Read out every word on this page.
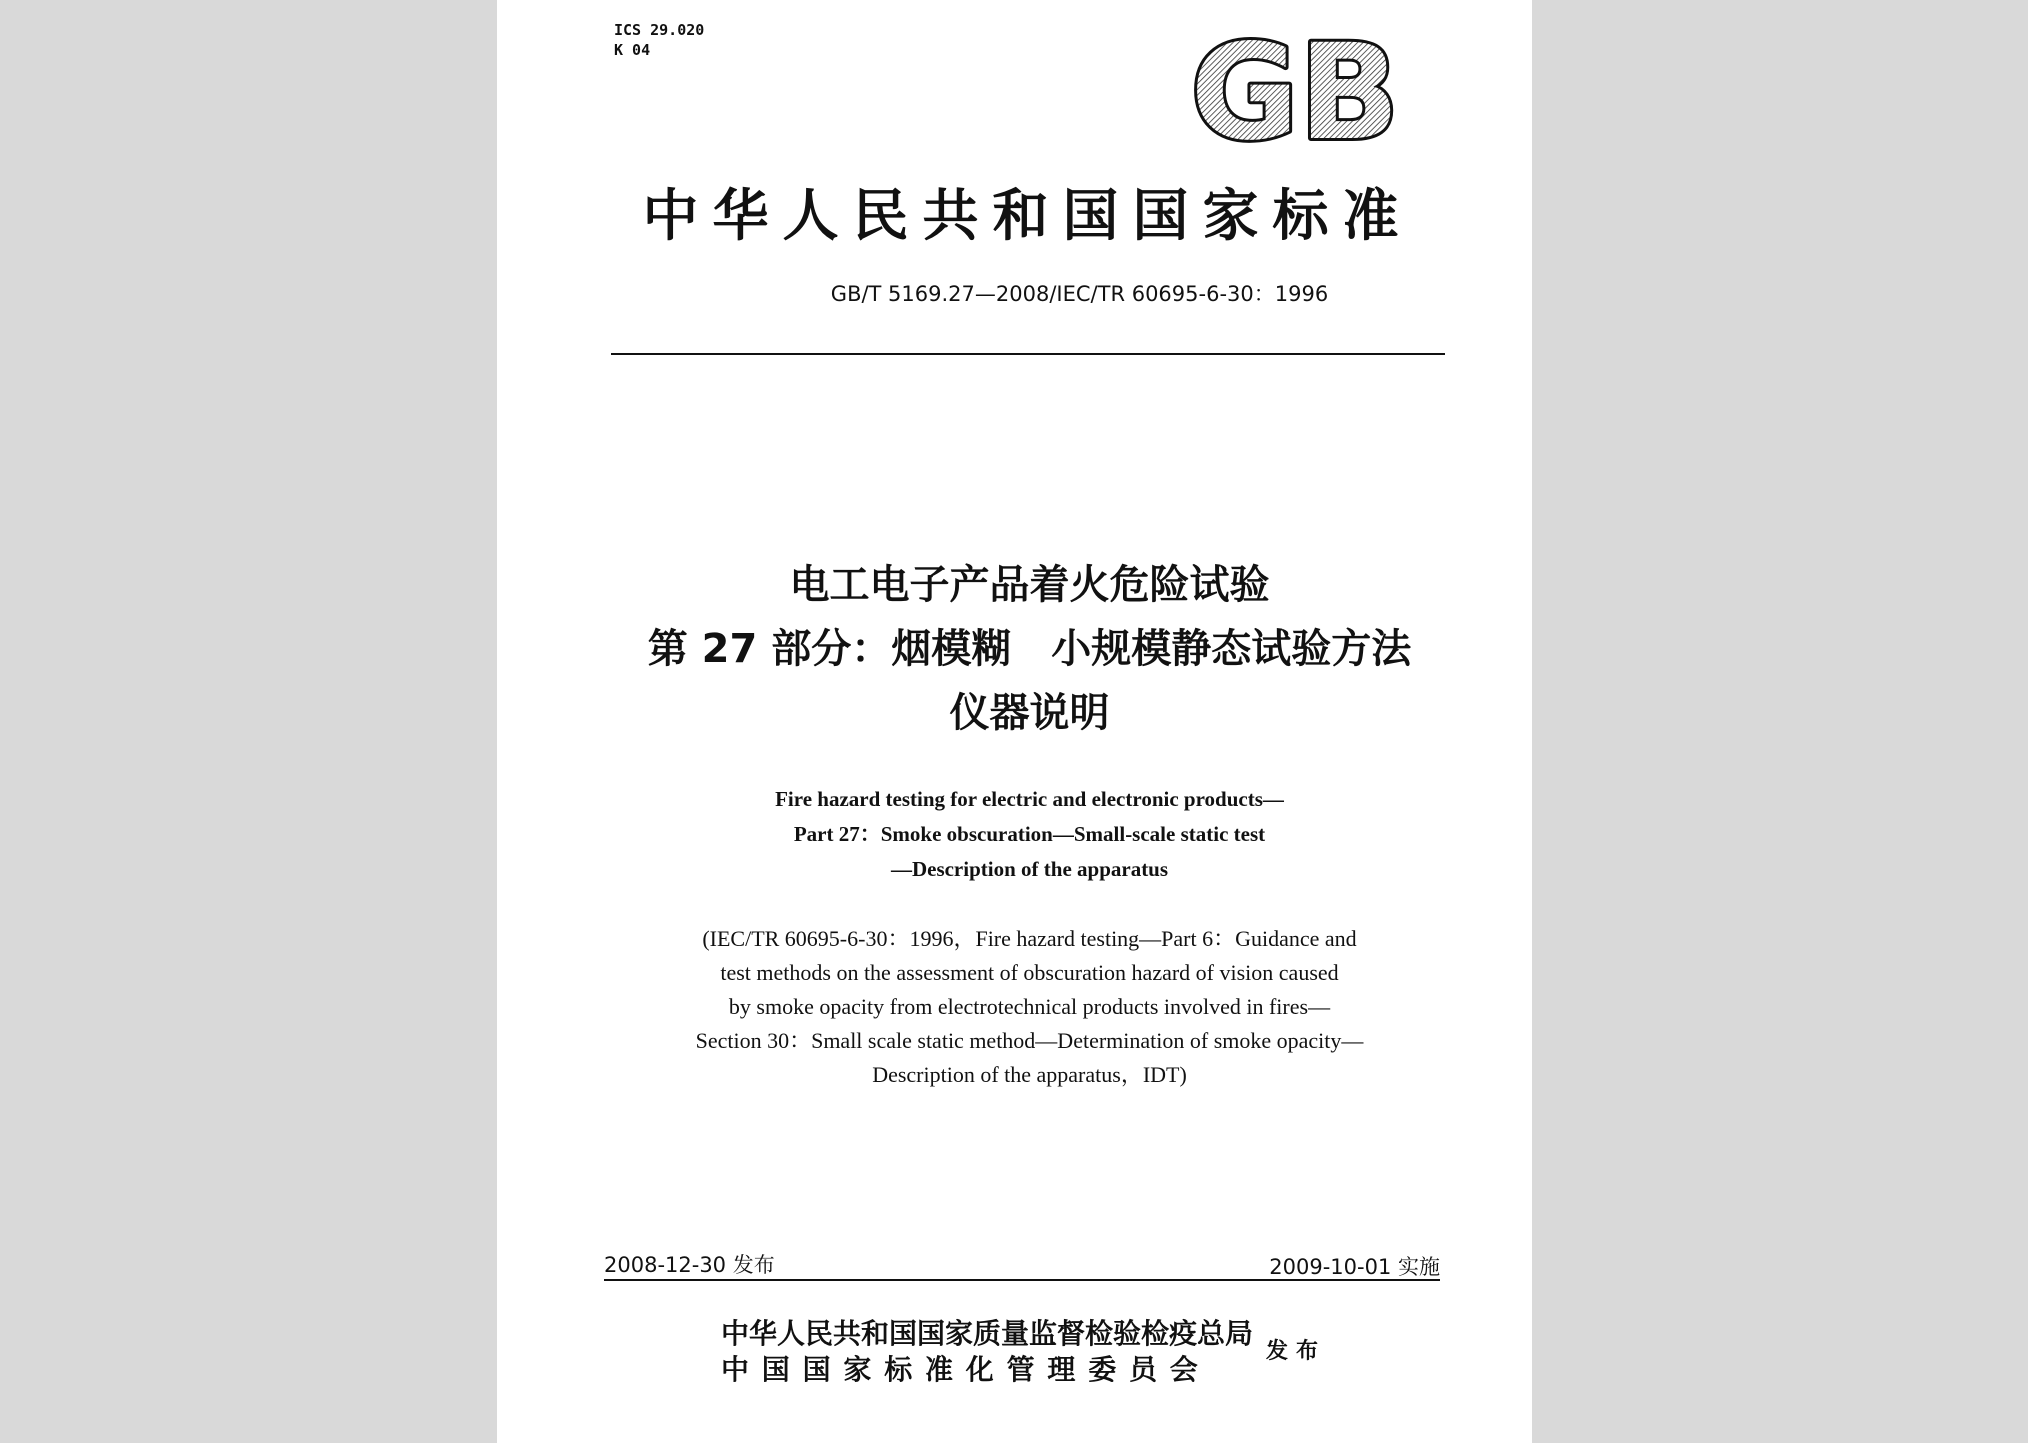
ICS 29.020
K 04	GB
中华人民共和国国家标准
GB/T 5169.27—2008/IEC/TR 60695-6-30：1996
电工电子产品着火危险试验
第 27 部分：烟模糊　小规模静态试验方法
仪器说明
Fire hazard testing for electric and electronic products—
Part 27：Smoke obscuration—Small-scale static test
—Description of the apparatus
(IEC/TR 60695-6-30：1996，Fire hazard testing—Part 6：Guidance and
test methods on the assessment of obscuration hazard of vision caused
by smoke opacity from electrotechnical products involved in fires—
Section 30：Small scale static method—Determination of smoke opacity—
Description of the apparatus，IDT)
2008-12-30 发布	2009-10-01 实施
中华人民共和国国家质量监督检验检疫总局
中国国家标准化管理委员会
发布
